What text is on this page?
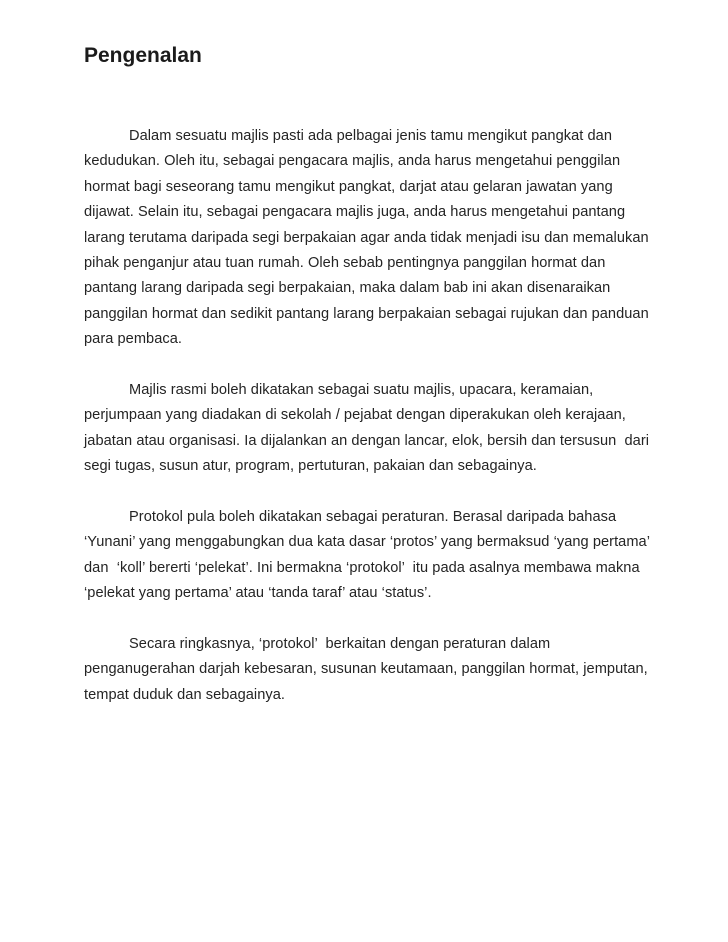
Pengenalan

Dalam sesuatu majlis pasti ada pelbagai jenis tamu mengikut pangkat dan
kedudukan. Oleh itu, sebagai pengacara majlis, anda harus mengetahui penggilan
hormat bagi seseorang tamu mengikut pangkat, darjat atau gelaran jawatan yang
dijawat. Selain itu, sebagai pengacara majlis juga, anda harus mengetahui pantang
larang terutama daripada segi berpakaian agar anda tidak menjadi isu dan memalukan
pihak penganjur atau tuan rumah. Oleh sebab pentingnya panggilan hormat dan
pantang larang daripada segi berpakaian, maka dalam bab ini akan disenaraikan
panggilan hormat dan sedikit pantang larang berpakaian sebagai rujukan dan panduan
para pembaca.

Majlis rasmi boleh dikatakan sebagai suatu majlis, upacara, keramaian,
perjumpaan yang diadakan di sekolah / pejabat dengan diperakukan oleh kerajaan,
jabatan atau organisasi. Ia dijalankan an dengan lancar, elok, bersih dan tersusun  dari
segi tugas, susun atur, program, pertuturan, pakaian dan sebagainya.

Protokol pula boleh dikatakan sebagai peraturan. Berasal daripada bahasa
‘Yunani’ yang menggabungkan dua kata dasar ‘protos’ yang bermaksud ‘yang pertama’
dan  ‘koll’ bererti ‘pelekat’. Ini bermakna ‘protokol’  itu pada asalnya membawa makna
‘pelekat yang pertama’ atau ‘tanda taraf’ atau ‘status’.

Secara ringkasnya, ‘protokol’  berkaitan dengan peraturan dalam
penganugerahan darjah kebesaran, susunan keutamaan, panggilan hormat, jemputan,
tempat duduk dan sebagainya.
